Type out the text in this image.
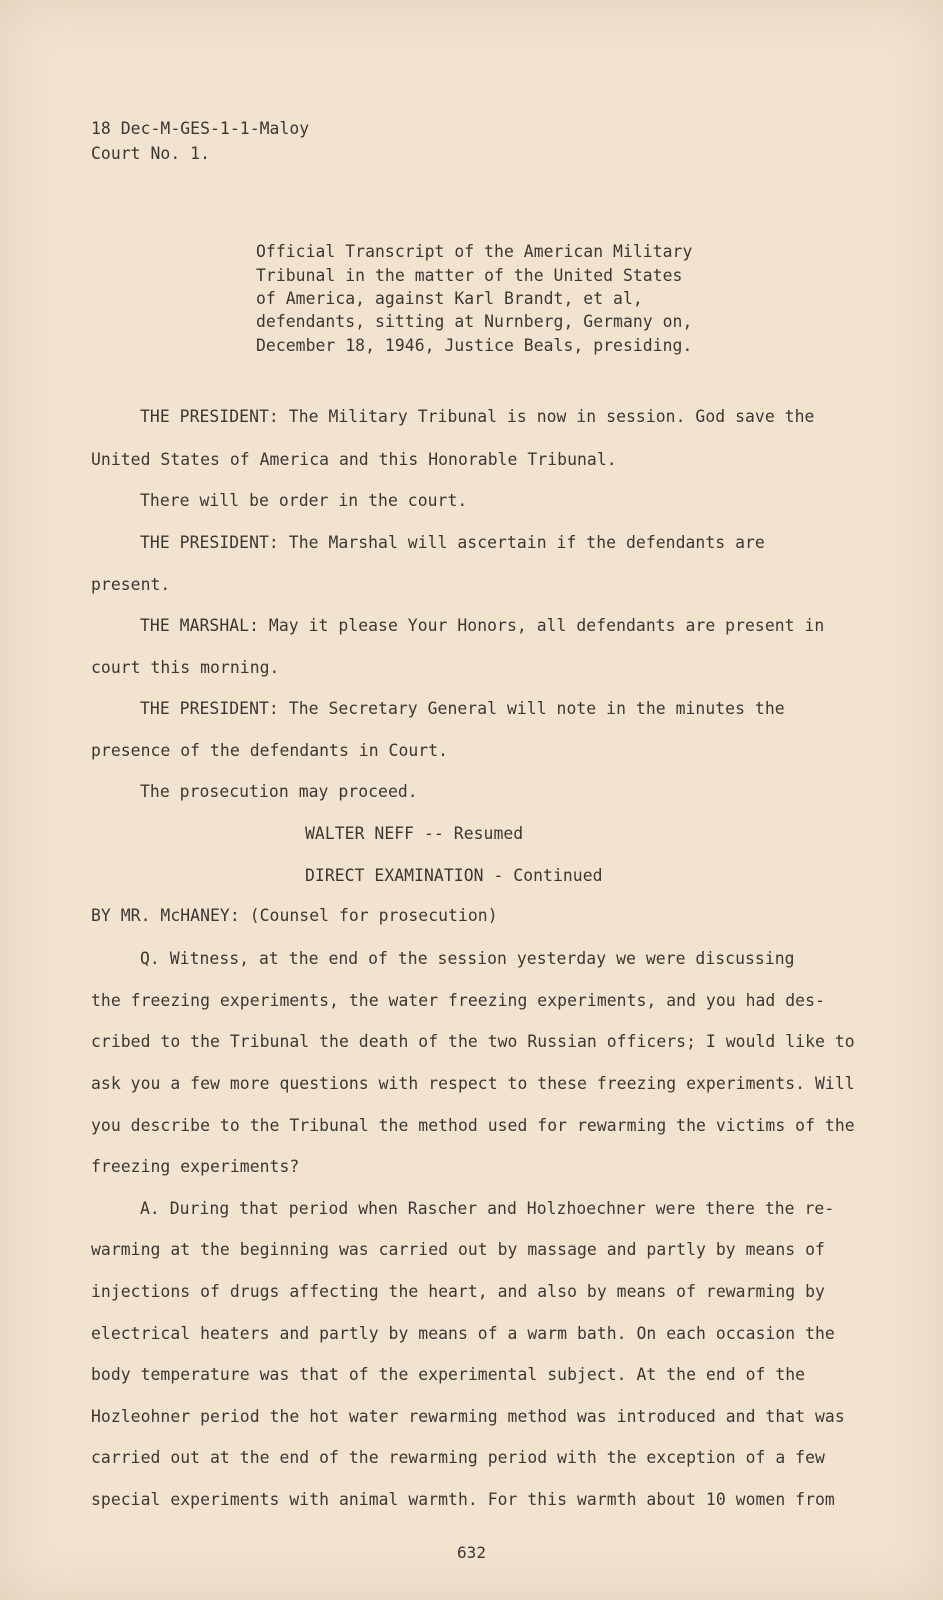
18 Dec-M-GES-1-1-Maloy
Court No. 1.
Official Transcript of the American Military
Tribunal in the matter of the United States
of America, against Karl Brandt, et al,
defendants, sitting at Nurnberg, Germany on,
December 18, 1946, Justice Beals, presiding.
THE PRESIDENT: The Military Tribunal is now in session. God save the
United States of America and this Honorable Tribunal.
There will be order in the court.
THE PRESIDENT: The Marshal will ascertain if the defendants are
present.
THE MARSHAL: May it please Your Honors, all defendants are present in
court this morning.
THE PRESIDENT: The Secretary General will note in the minutes the
presence of the defendants in Court.
The prosecution may proceed.
WALTER NEFF -- Resumed
DIRECT EXAMINATION - Continued
BY MR. McHANEY: (Counsel for prosecution)
Q. Witness, at the end of the session yesterday we were discussing
the freezing experiments, the water freezing experiments, and you had des-
cribed to the Tribunal the death of the two Russian officers; I would like to
ask you a few more questions with respect to these freezing experiments. Will
you describe to the Tribunal the method used for rewarming the victims of the
freezing experiments?
A. During that period when Rascher and Holzhoechner were there the re-
warming at the beginning was carried out by massage and partly by means of
injections of drugs affecting the heart, and also by means of rewarming by
electrical heaters and partly by means of a warm bath. On each occasion the
body temperature was that of the experimental subject. At the end of the
Hozleohner period the hot water rewarming method was introduced and that was
carried out at the end of the rewarming period with the exception of a few
special experiments with animal warmth. For this warmth about 10 women from
632
